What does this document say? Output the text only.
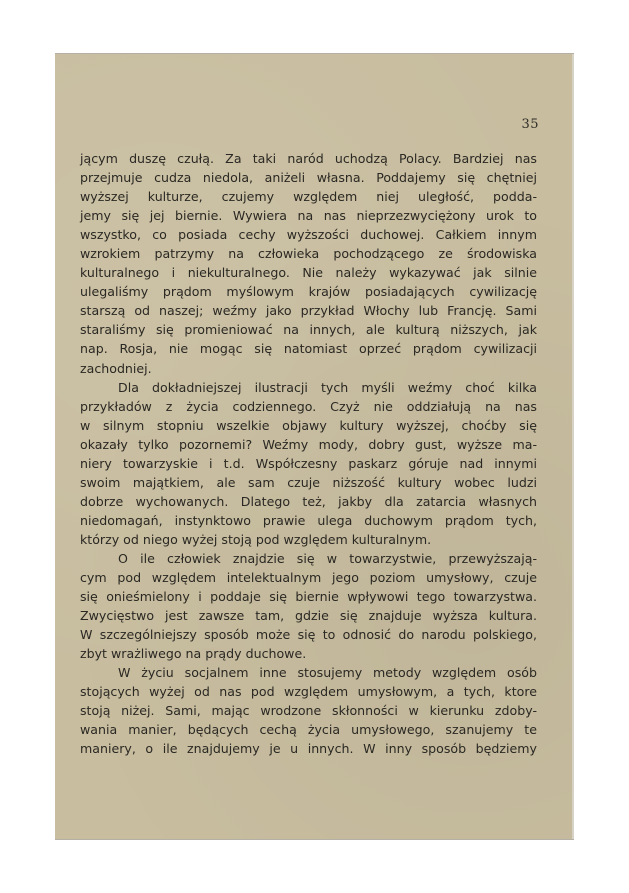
35
jącym duszę czułą. Za taki naród uchodzą Polacy. Bardziej nas
przejmuje cudza niedola, aniżeli własna. Poddajemy się chętniej
wyższej kulturze, czujemy względem niej uległość, podda-
jemy się jej biernie. Wywiera na nas nieprzezwyciężony urok to
wszystko, co posiada cechy wyższości duchowej. Całkiem innym
wzrokiem patrzymy na człowieka pochodzącego ze środowiska
kulturalnego i niekulturalnego. Nie należy wykazywać jak silnie
ulegaliśmy prądom myślowym krajów posiadających cywilizację
starszą od naszej; weźmy jako przykład Włochy lub Francję. Sami
staraliśmy się promieniować na innych, ale kulturą niższych, jak
nap. Rosja, nie mogąc się natomiast oprzeć prądom cywilizacji
zachodniej.
Dla dokładniejszej ilustracji tych myśli weźmy choć kilka
przykładów z życia codziennego. Czyż nie oddziałują na nas
w silnym stopniu wszelkie objawy kultury wyższej, choćby się
okazały tylko pozornemi? Weźmy mody, dobry gust, wyższe ma-
niery towarzyskie i t.d. Współczesny paskarz góruje nad innymi
swoim majątkiem, ale sam czuje niższość kultury wobec ludzi
dobrze wychowanych. Dlatego też, jakby dla zatarcia własnych
niedomagań, instynktowo prawie ulega duchowym prądom tych,
którzy od niego wyżej stoją pod względem kulturalnym.
O ile człowiek znajdzie się w towarzystwie, przewyższają-
cym pod względem intelektualnym jego poziom umysłowy, czuje
się onieśmielony i poddaje się biernie wpływowi tego towarzystwa.
Zwycięstwo jest zawsze tam, gdzie się znajduje wyższa kultura.
W szczególniejszy sposób może się to odnosić do narodu polskiego,
zbyt wrażliwego na prądy duchowe.
W życiu socjalnem inne stosujemy metody względem osób
stojących wyżej od nas pod względem umysłowym, a tych, ktore
stoją niżej. Sami, mając wrodzone skłonności w kierunku zdoby-
wania manier, będących cechą życia umysłowego, szanujemy te
maniery, o ile znajdujemy je u innych. W inny sposób będziemy
